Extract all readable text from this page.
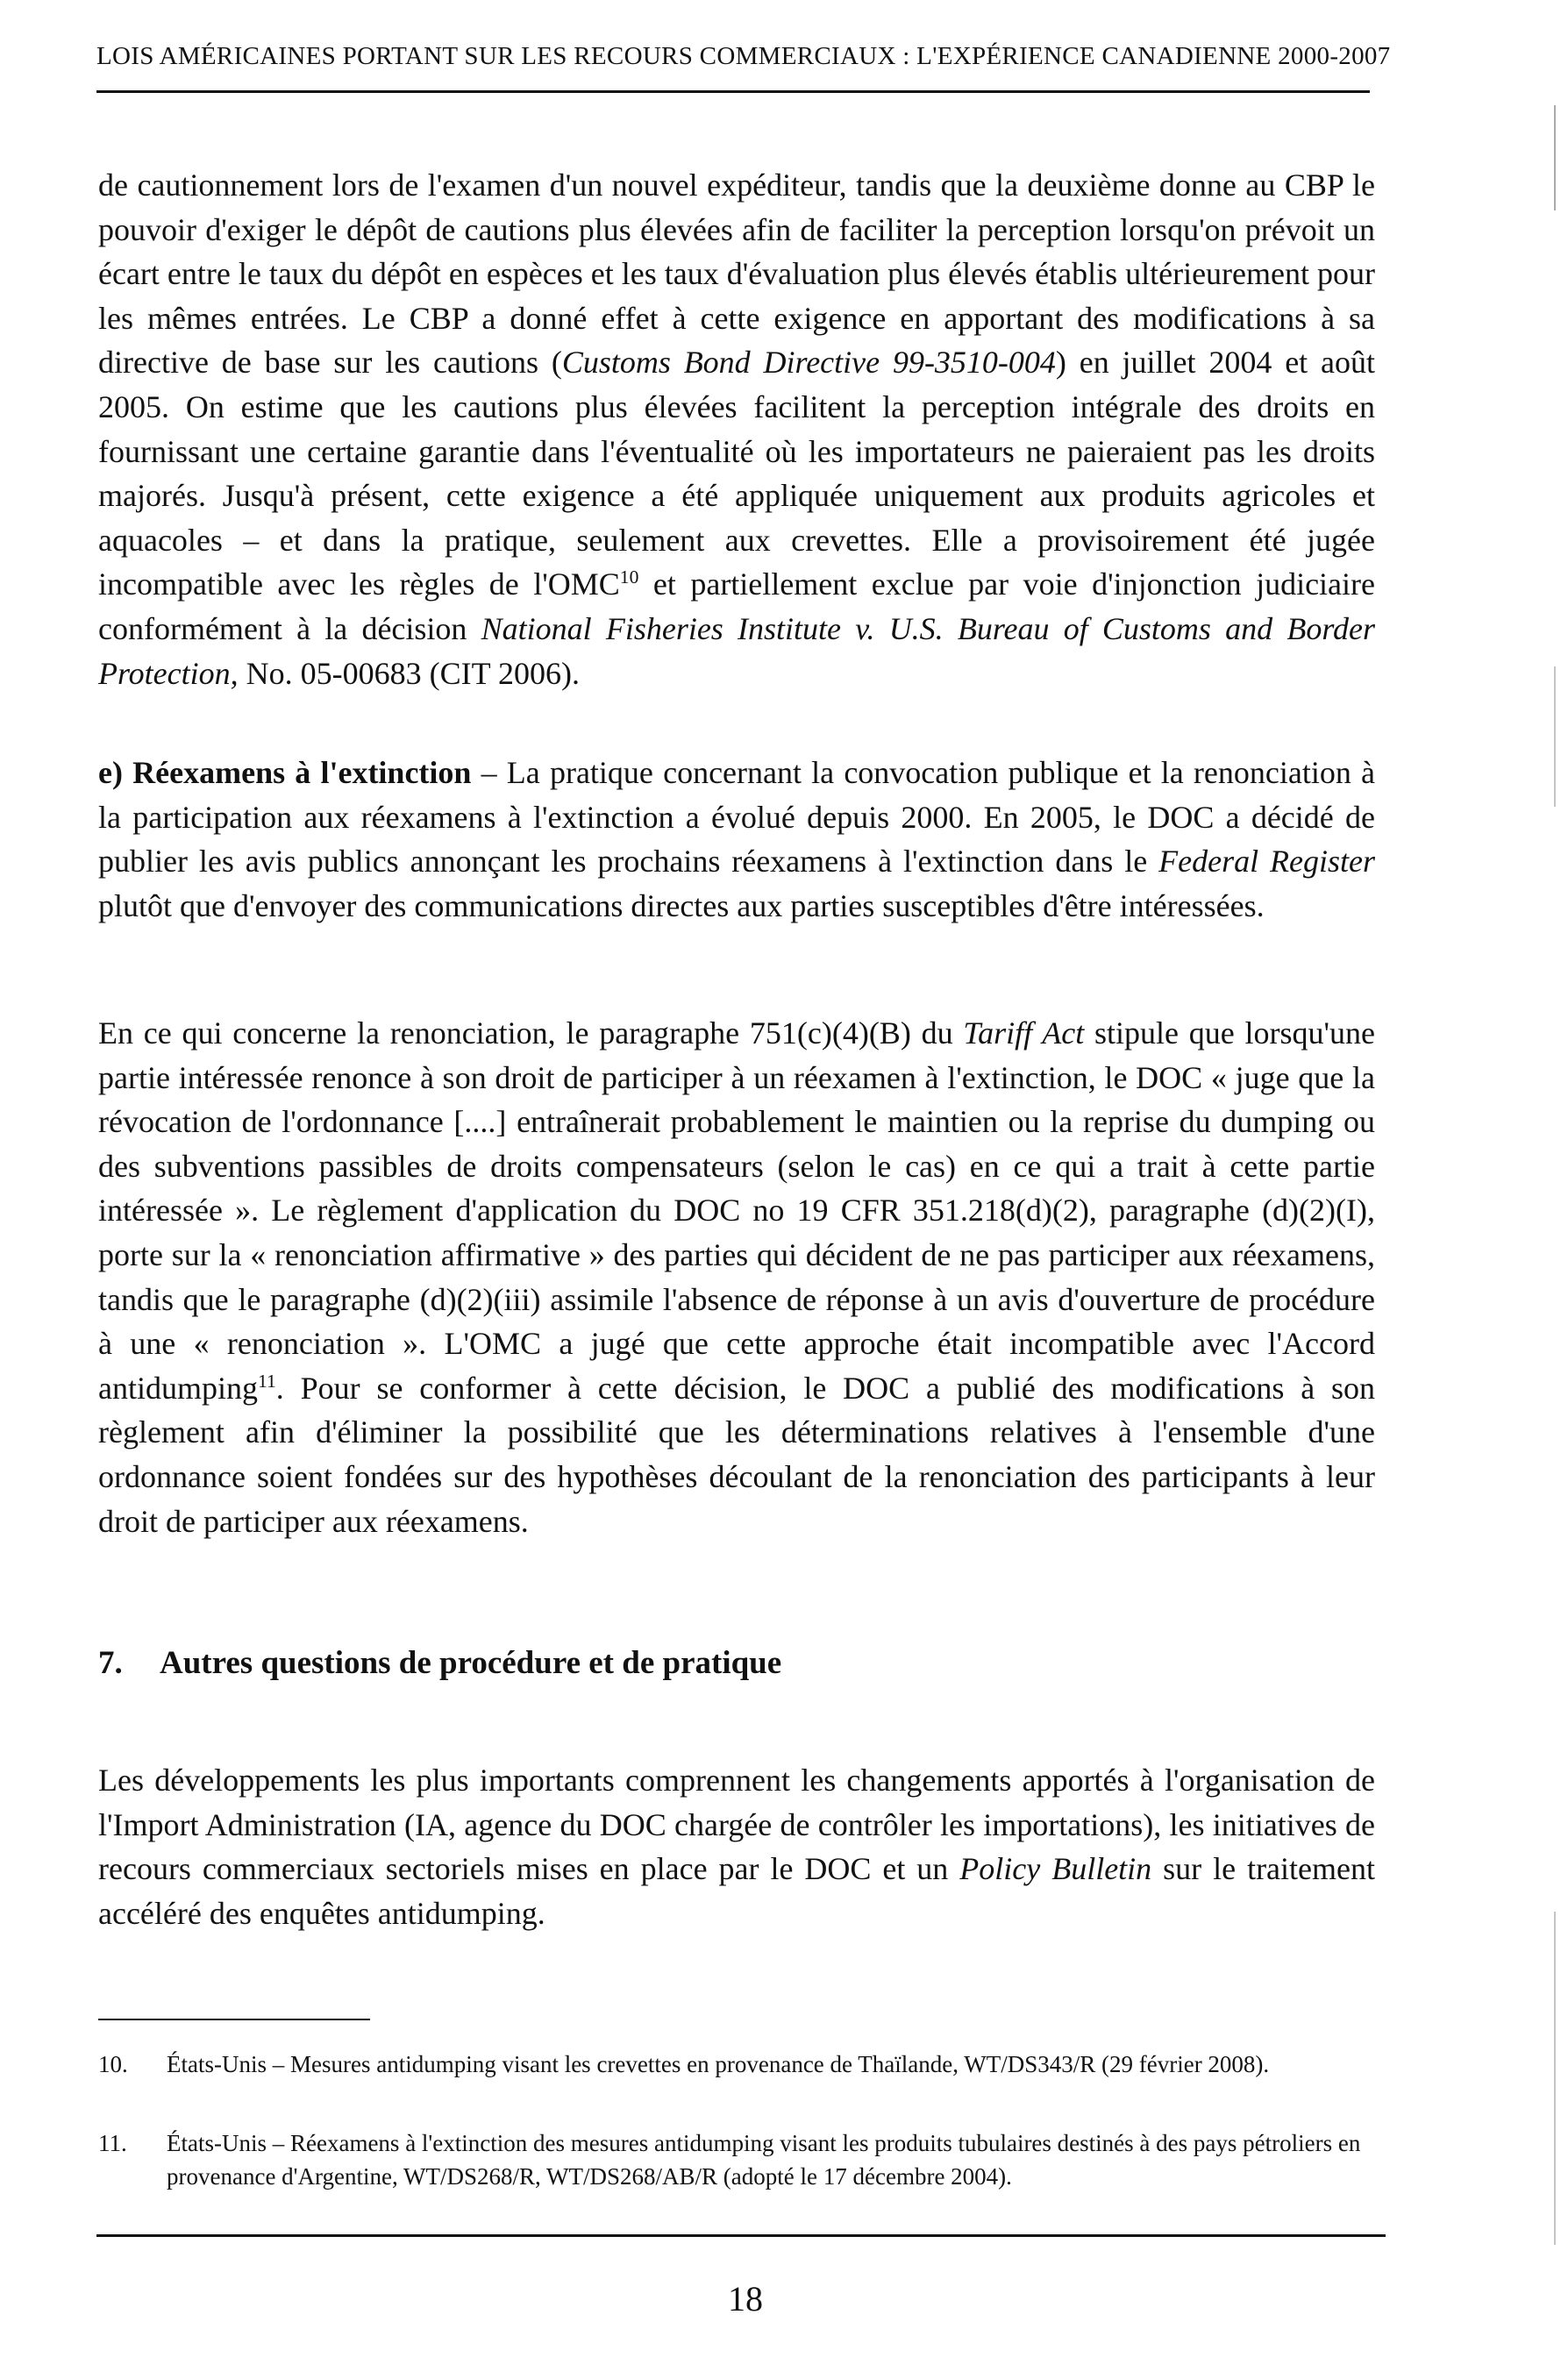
LOIS AMÉRICAINES PORTANT SUR LES RECOURS COMMERCIAUX : L'EXPÉRIENCE CANADIENNE 2000-2007

de cautionnement lors de l'examen d'un nouvel expéditeur, tandis que la deuxième donne au CBP le pouvoir d'exiger le dépôt de cautions plus élevées afin de faciliter la perception lorsqu'on prévoit un écart entre le taux du dépôt en espèces et les taux d'évaluation plus élevés établis ultérieurement pour les mêmes entrées. Le CBP a donné effet à cette exigence en apportant des modifications à sa directive de base sur les cautions (Customs Bond Directive 99-3510-004) en juillet 2004 et août 2005. On estime que les cautions plus élevées facilitent la perception intégrale des droits en fournissant une certaine garantie dans l'éventualité où les importateurs ne paieraient pas les droits majorés. Jusqu'à présent, cette exigence a été appliquée uniquement aux produits agricoles et aquacoles – et dans la pratique, seulement aux crevettes. Elle a provisoirement été jugée incompatible avec les règles de l'OMC$^{10}$ et partiellement exclue par voie d'injonction judiciaire conformément à la décision National Fisheries Institute v. U.S. Bureau of Customs and Border Protection, No. 05-00683 (CIT 2006).

e) Réexamens à l'extinction – La pratique concernant la convocation publique et la renonciation à la participation aux réexamens à l'extinction a évolué depuis 2000. En 2005, le DOC a décidé de publier les avis publics annonçant les prochains réexamens à l'extinction dans le Federal Register plutôt que d'envoyer des communications directes aux parties susceptibles d'être intéressées.

En ce qui concerne la renonciation, le paragraphe 751(c)(4)(B) du Tariff Act stipule que lorsqu'une partie intéressée renonce à son droit de participer à un réexamen à l'extinction, le DOC « juge que la révocation de l'ordonnance [....] entraînerait probablement le maintien ou la reprise du dumping ou des subventions passibles de droits compensateurs (selon le cas) en ce qui a trait à cette partie intéressée ». Le règlement d'application du DOC no 19 CFR 351.218(d)(2), paragraphe (d)(2)(I), porte sur la « renonciation affirmative » des parties qui décident de ne pas participer aux réexamens, tandis que le paragraphe (d)(2)(iii) assimile l'absence de réponse à un avis d'ouverture de procédure à une « renonciation ». L'OMC a jugé que cette approche était incompatible avec l'Accord antidumping$^{11}$. Pour se conformer à cette décision, le DOC a publié des modifications à son règlement afin d'éliminer la possibilité que les déterminations relatives à l'ensemble d'une ordonnance soient fondées sur des hypothèses découlant de la renonciation des participants à leur droit de participer aux réexamens.

7. Autres questions de procédure et de pratique

Les développements les plus importants comprennent les changements apportés à l'organisation de l'Import Administration (IA, agence du DOC chargée de contrôler les importations), les initiatives de recours commerciaux sectoriels mises en place par le DOC et un Policy Bulletin sur le traitement accéléré des enquêtes antidumping.

10. États-Unis – Mesures antidumping visant les crevettes en provenance de Thaïlande, WT/DS343/R (29 février 2008).
11. États-Unis – Réexamens à l'extinction des mesures antidumping visant les produits tubulaires destinés à des pays pétroliers en provenance d'Argentine, WT/DS268/R, WT/DS268/AB/R (adopté le 17 décembre 2004).
18
